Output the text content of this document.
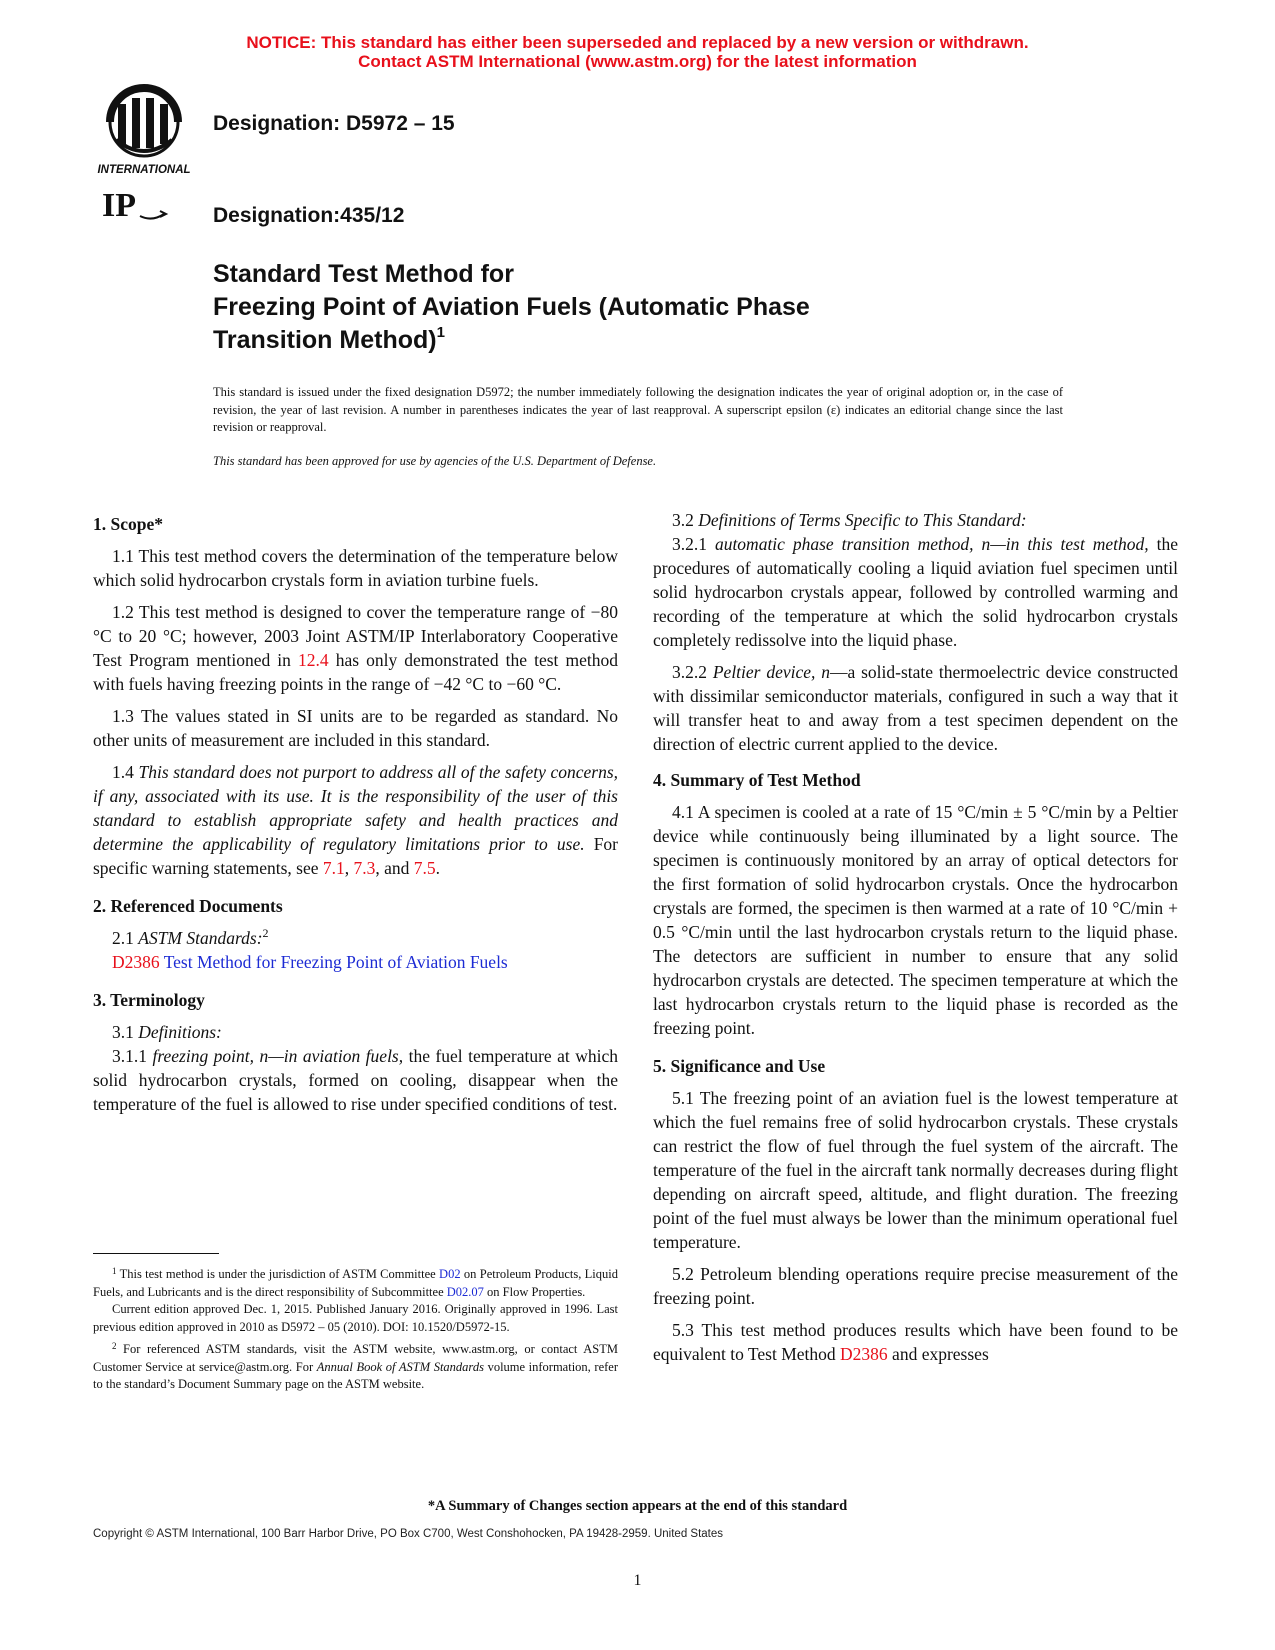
NOTICE: This standard has either been superseded and replaced by a new version or withdrawn.
Contact ASTM International (www.astm.org) for the latest information
INTERNATIONAL
IP
Designation: D5972 – 15
Designation:435/12
Standard Test Method for
Freezing Point of Aviation Fuels (Automatic Phase
Transition Method)$^1$
This standard is issued under the fixed designation D5972; the number immediately following the designation indicates the year of original adoption or, in the case of revision, the year of last revision. A number in parentheses indicates the year of last reapproval. A superscript epsilon (ε) indicates an editorial change since the last revision or reapproval.
This standard has been approved for use by agencies of the U.S. Department of Defense.

1. Scope*

1.1 This test method covers the determination of the temperature below which solid hydrocarbon crystals form in aviation turbine fuels.

1.2 This test method is designed to cover the temperature range of −80 °C to 20 °C; however, 2003 Joint ASTM/IP Interlaboratory Cooperative Test Program mentioned in 12.4 has only demonstrated the test method with fuels having freezing points in the range of −42 °C to −60 °C.

1.3 The values stated in SI units are to be regarded as standard. No other units of measurement are included in this standard.

1.4 This standard does not purport to address all of the safety concerns, if any, associated with its use. It is the responsibility of the user of this standard to establish appropriate safety and health practices and determine the applicability of regulatory limitations prior to use. For specific warning statements, see 7.1, 7.3, and 7.5.

2. Referenced Documents

2.1 ASTM Standards:$^2$

D2386 Test Method for Freezing Point of Aviation Fuels

3. Terminology

3.1 Definitions:

3.1.1 freezing point, n—in aviation fuels, the fuel temperature at which solid hydrocarbon crystals, formed on cooling, disappear when the temperature of the fuel is allowed to rise under specified conditions of test.

$^1$ This test method is under the jurisdiction of ASTM Committee D02 on Petroleum Products, Liquid Fuels, and Lubricants and is the direct responsibility of Subcommittee D02.07 on Flow Properties.

Current edition approved Dec. 1, 2015. Published January 2016. Originally approved in 1996. Last previous edition approved in 2010 as D5972 – 05 (2010). DOI: 10.1520/D5972-15.

$^2$ For referenced ASTM standards, visit the ASTM website, www.astm.org, or contact ASTM Customer Service at service@astm.org. For Annual Book of ASTM Standards volume information, refer to the standard’s Document Summary page on the ASTM website.

3.2 Definitions of Terms Specific to This Standard:

3.2.1 automatic phase transition method, n—in this test method, the procedures of automatically cooling a liquid aviation fuel specimen until solid hydrocarbon crystals appear, followed by controlled warming and recording of the temperature at which the solid hydrocarbon crystals completely redissolve into the liquid phase.

3.2.2 Peltier device, n—a solid-state thermoelectric device constructed with dissimilar semiconductor materials, configured in such a way that it will transfer heat to and away from a test specimen dependent on the direction of electric current applied to the device.

4. Summary of Test Method

4.1 A specimen is cooled at a rate of 15 °C/min ± 5 °C/min by a Peltier device while continuously being illuminated by a light source. The specimen is continuously monitored by an array of optical detectors for the first formation of solid hydrocarbon crystals. Once the hydrocarbon crystals are formed, the specimen is then warmed at a rate of 10 °C/min + 0.5 °C/min until the last hydrocarbon crystals return to the liquid phase. The detectors are sufficient in number to ensure that any solid hydrocarbon crystals are detected. The specimen temperature at which the last hydrocarbon crystals return to the liquid phase is recorded as the freezing point.

5. Significance and Use

5.1 The freezing point of an aviation fuel is the lowest temperature at which the fuel remains free of solid hydrocarbon crystals. These crystals can restrict the flow of fuel through the fuel system of the aircraft. The temperature of the fuel in the aircraft tank normally decreases during flight depending on aircraft speed, altitude, and flight duration. The freezing point of the fuel must always be lower than the minimum operational fuel temperature.

5.2 Petroleum blending operations require precise measurement of the freezing point.

5.3 This test method produces results which have been found to be equivalent to Test Method D2386 and expresses

*A Summary of Changes section appears at the end of this standard
Copyright © ASTM International, 100 Barr Harbor Drive, PO Box C700, West Conshohocken, PA 19428-2959. United States
1
